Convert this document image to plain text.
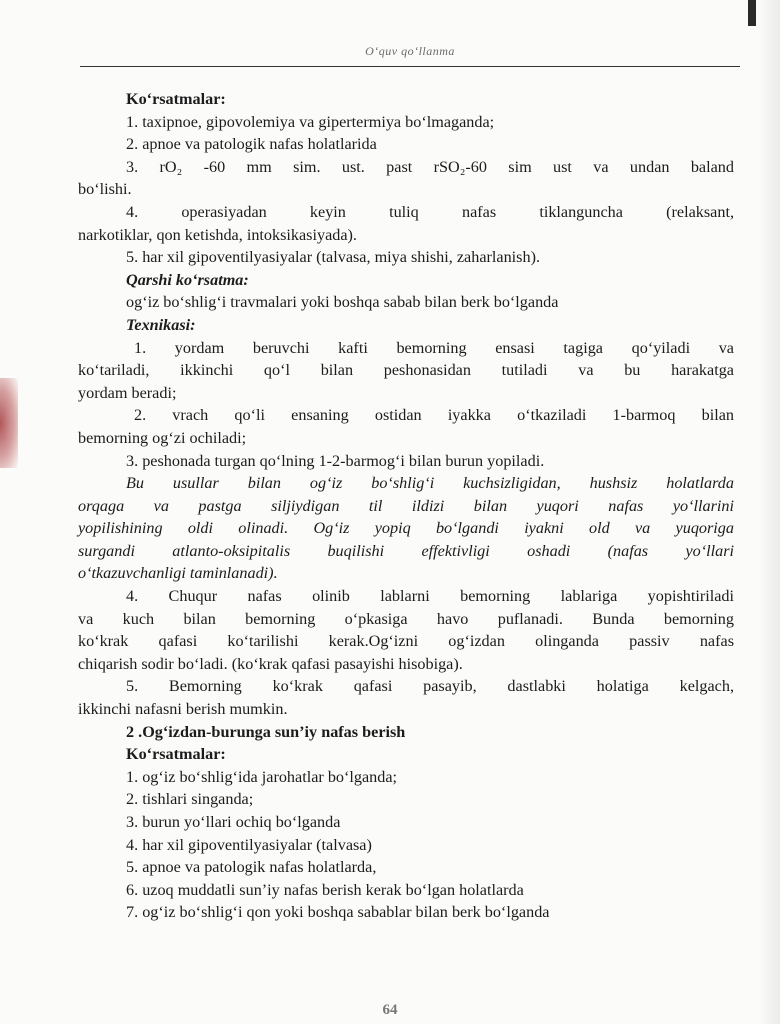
O‘quv qo‘llanma
Ko‘rsatmalar:
1. taxipnoe, gipovolemiya va gipertermiya bo‘lmaganda;
2. apnoe va patologik nafas holatlarida
3. rO₂ -60 mm sim. ust. past rSO₂-60 sim ust va undan baland
bo‘lishi.
4. operasiyadan keyin tuliq nafas tiklanguncha (relaksant,
narkotiklar, qon ketishda, intoksikasiyada).
5. har xil gipoventilyasiyalar (talvasa, miya shishi, zaharlanish).
Qarshi ko‘rsatma:
og‘iz bo‘shlig‘i travmalari yoki boshqa sabab bilan berk bo‘lganda
Texnikasi:
1. yordam beruvchi kafti bemorning ensasi tagiga qo‘yiladi va
ko‘tariladi, ikkinchi qo‘l bilan peshonasidan tutiladi va bu harakatga
yordam beradi;
2. vrach qo‘li ensaning ostidan iyakka o‘tkaziladi 1-barmoq bilan
bemorning og‘zi ochiladi;
3. peshonada turgan qo‘lning 1-2-barmog‘i bilan burun yopiladi.
Bu usullar bilan og‘iz bo‘shlig‘i kuchsizligidan, hushsiz holatlarda
orqaga va pastga siljiydigan til ildizi bilan yuqori nafas yo‘llarini
yopilishining oldi olinadi. Og‘iz yopiq bo‘lgandi iyakni old va yuqoriga
surgandi atlanto-oksipitalis buqilishi effektivligi oshadi (nafas yo‘llari
o‘tkazuvchanligi taminlanadi).
4. Chuqur nafas olinib lablarni bemorning lablariga yopishtiriladi
va kuch bilan bemorning o‘pkasiga havo puflanadi. Bunda bemorning
ko‘krak qafasi ko‘tarilishi kerak.Og‘izni og‘izdan olinganda passiv nafas
chiqarish sodir bo‘ladi. (ko‘krak qafasi pasayishi hisobiga).
5. Bemorning ko‘krak qafasi pasayib, dastlabki holatiga kelgach,
ikkinchi nafasni berish mumkin.
2 .Og‘izdan-burunga sun’iy nafas berish
Ko‘rsatmalar:
1. og‘iz bo‘shlig‘ida jarohatlar bo‘lganda;
2. tishlari singanda;
3. burun yo‘llari ochiq bo‘lganda
4. har xil gipoventilyasiyalar (talvasa)
5. apnoe va patologik nafas holatlarda,
6. uzoq muddatli sun’iy nafas berish kerak bo‘lgan holatlarda
7. og‘iz bo‘shlig‘i qon yoki boshqa sabablar bilan berk bo‘lganda
64
